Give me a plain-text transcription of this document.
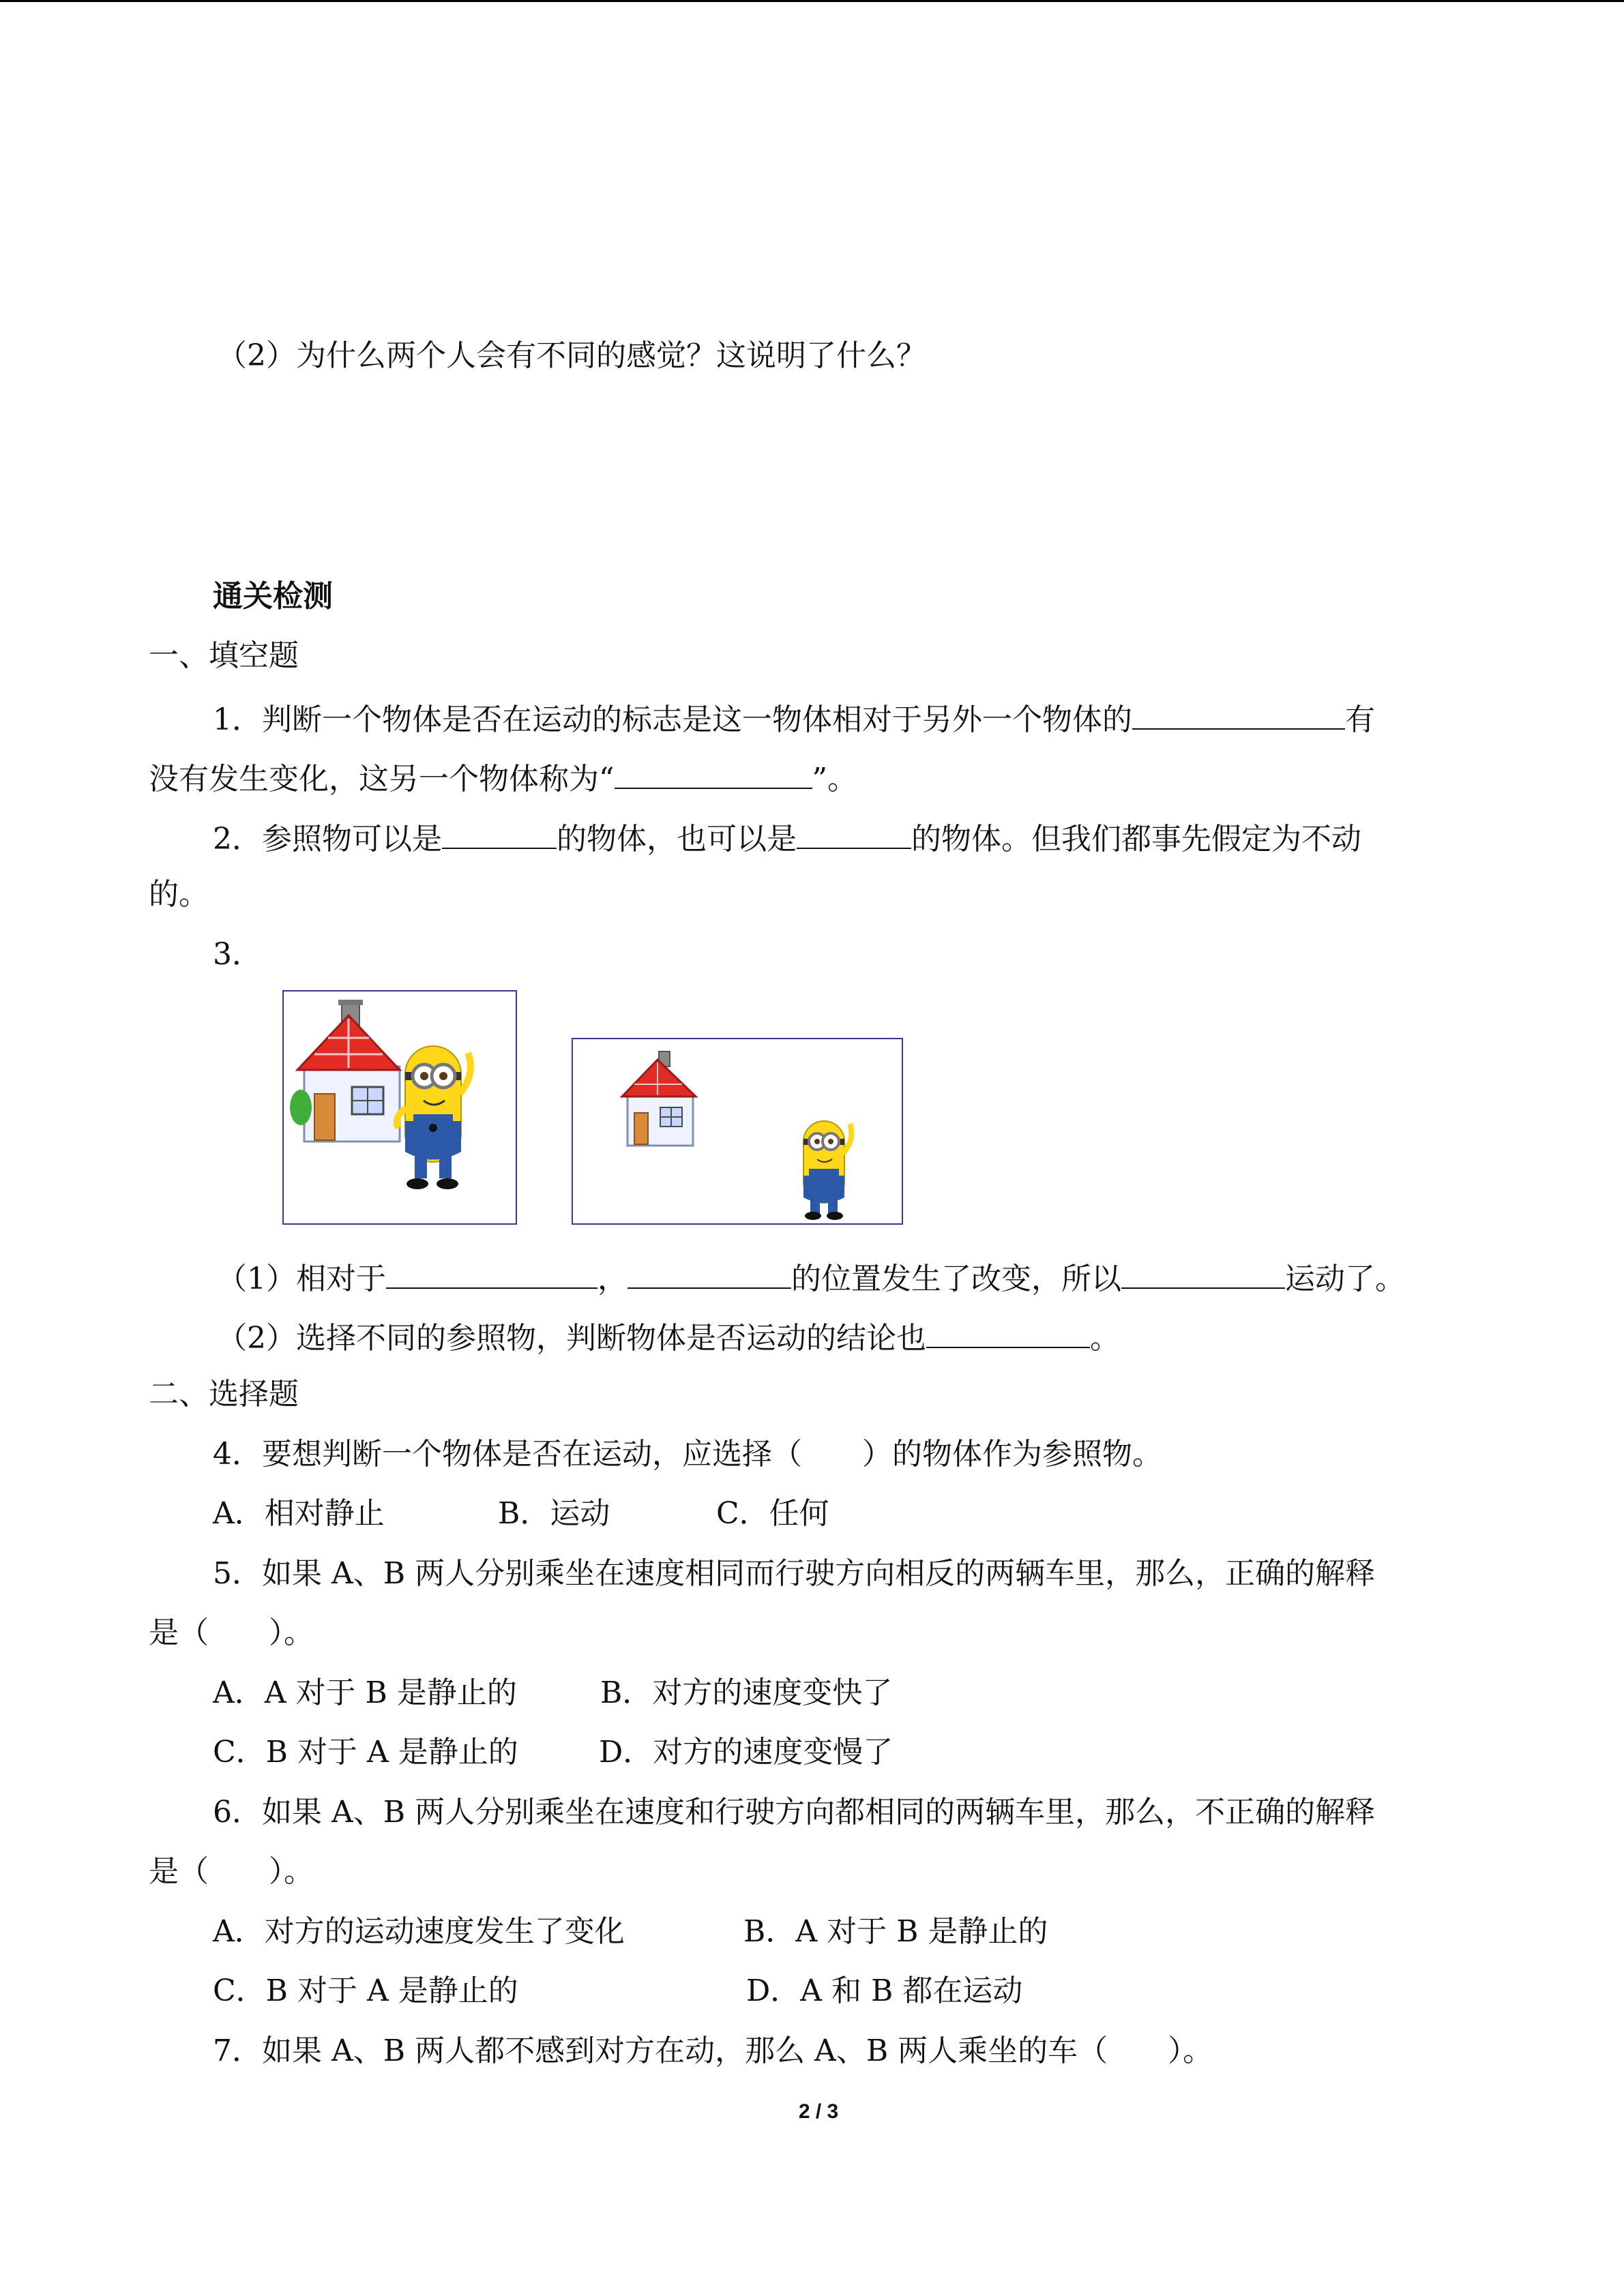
（2）为什么两个人会有不同的感觉？这说明了什么？
通关检测
一、填空题
1．判断一个物体是否在运动的标志是这一物体相对于另外一个物体的	有
没有发生变化，这另一个物体称为“	”。
2．参照物可以是	的物体，也可以是	的物体。但我们都事先假定为不动
的。
3．
（1）相对于	，	的位置发生了改变，所以	运动了。
（2）选择不同的参照物，判断物体是否运动的结论也	。
二、选择题
4．要想判断一个物体是否在运动，应选择（　　）的物体作为参照物。
A．相对静止	B．运动	C．任何
5．如果 A、B 两人分别乘坐在速度相同而行驶方向相反的两辆车里，那么，正确的解释
是（　　）。
A．A 对于 B 是静止的	B．对方的速度变快了
C．B 对于 A 是静止的	D．对方的速度变慢了
6．如果 A、B 两人分别乘坐在速度和行驶方向都相同的两辆车里，那么，不正确的解释
是（　　）。
A．对方的运动速度发生了变化	B．A 对于 B 是静止的
C．B 对于 A 是静止的	D．A 和 B 都在运动
7．如果 A、B 两人都不感到对方在动，那么 A、B 两人乘坐的车（　　）。
2 / 3
